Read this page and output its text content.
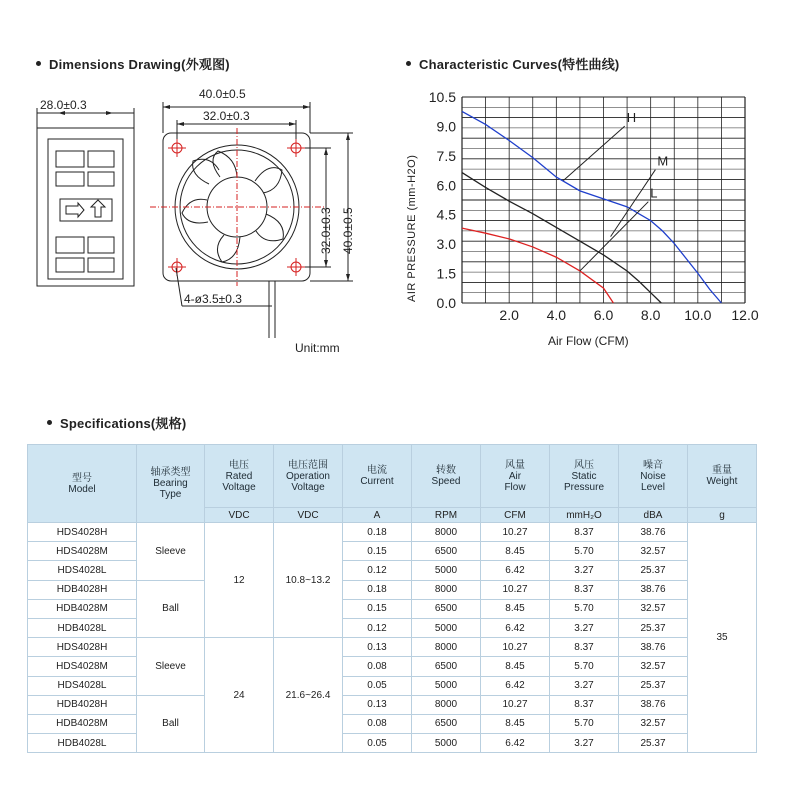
Dimensions Drawing(外观图)	Characteristic Curves(特性曲线)
Specifications(规格)
28.0±0.3
40.0±0.5
32.0±0.3
4-ø3.5±0.3
32.0±0.3 40.0±0.5
Unit:mm
0.0
1.5
3.0
4.5
6.0
7.5
9.0
10.5
2.0 4.0 6.0 8.0 10.0 12.0
H
M
L
AIR PRESSURE (mm-H2O)
Air Flow (CFM)
型号
Model	轴承类型
Bearing
Type	电压
Rated
Voltage	电压范围
Operation
Voltage	电流
Current	转数
Speed	风量
Air
Flow	风压
Static
Pressure	噪音
Noise
Level	重量
Weight

		VDC	VDC	A	RPM	CFM	mmH₂O	dBA	g
HDS4028H	Sleeve	12	10.8~13.2	0.18	8000	10.27	8.37	38.76	35
HDS4028M				0.15	6500	8.45	5.70	32.57	
HDS4028L				0.12	5000	6.42	3.27	25.37	
HDB4028H	Ball			0.18	8000	10.27	8.37	38.76	
HDB4028M				0.15	6500	8.45	5.70	32.57	
HDB4028L				0.12	5000	6.42	3.27	25.37	
HDS4028H	Sleeve	24	21.6~26.4	0.13	8000	10.27	8.37	38.76	
HDS4028M				0.08	6500	8.45	5.70	32.57	
HDS4028L				0.05	5000	6.42	3.27	25.37	
HDB4028H	Ball			0.13	8000	10.27	8.37	38.76	
HDB4028M				0.08	6500	8.45	5.70	32.57	
HDB4028L				0.05	5000	6.42	3.27	25.37	
